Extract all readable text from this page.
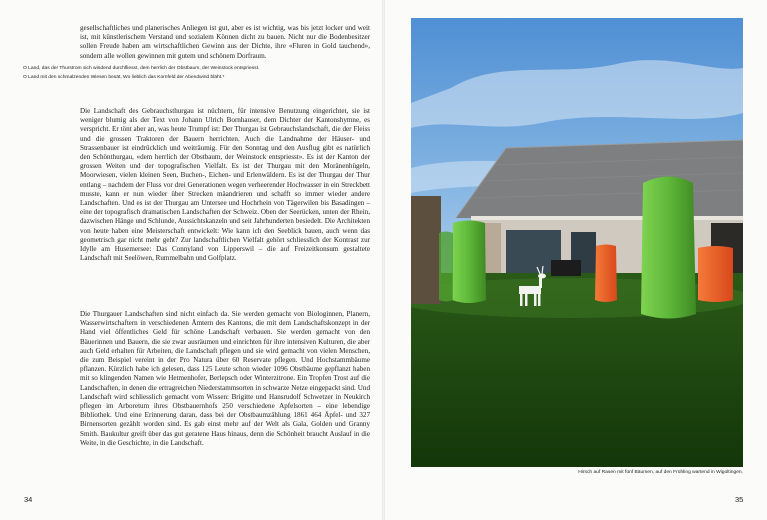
gesellschaftliches und planerisches Anliegen ist gut, aber es ist wichtig, was bis jetzt locker und weit ist, mit künstlerischem Verstand und sozialem Können dicht zu bauen. Nicht nur die Bodenbesitzer sollen Freude haben am wirtschaftlichen Gewinn aus der Dichte, ihre «Fluren in Gold tauchend», sondern alle wollen gewinnen mit gutem und schönem Dorfraum.

O Land, das der Thurstrom sich windend durchfliesst, dem herrlich der Obstbaum, der Weinstock entspriesst.
O Land mit den schmalzenden Wiesen besät, Wo lieblich das Kornfeld der Abendwind bläht.*

Die Landschaft des Gebrauchsthurgau ist nüchtern, für intensive Benutzung eingerichtet, sie ist weniger blumig als der Text von Johann Ulrich Bornhauser, dem Dichter der Kantonshymne, es verspricht. Er tönt aber an, was heute Trumpf ist: Der Thurgau ist Gebrauchslandschaft, die der Fleiss und die grossen Traktoren der Bauern herrichten. Auch die Landnahme der Häuser- und Strassenbauer ist eindrücklich und weiträumig. Für den Sonntag und den Ausflug gibt es natürlich den Schönthurgau, «dem herrlich der Obstbaum, der Weinstock entspriesst». Es ist der Kanton der grossen Weiten und der topografischen Vielfalt. Es ist der Thurgau mit den Moränenhügeln, Moorwiesen, vielen kleinen Seen, Buchen-, Eichen- und Erlenwäldern. Es ist der Thurgau der Thur entlang – nachdem der Fluss vor drei Generationen wegen verheerender Hochwasser in ein Streckbett musste, kann er nun wieder über Strecken mäandrieren und schafft so immer wieder andere Landschaften. Und es ist der Thurgau am Untersee und Hochrhein von Tägerwilen bis Basadingen – eine der topografisch dramatischen Landschaften der Schweiz. Oben der Seerücken, unten der Rhein, dazwischen Hänge und Schlunde, Aussichtskanzeln und seit Jahrhunderten besiedelt. Die Architekten von heute haben eine Meisterschaft entwickelt: Wie kann ich den Seeblick bauen, auch wenn das geometrisch gar nicht mehr geht? Zur landschaftlichen Vielfalt gehört schliesslich der Kontrast zur Idylle am Husemersee: Das Connyland von Lipperswil – die auf Freizeitkonsum gestaltete Landschaft mit Seelöwen, Rummelbahn und Golfplatz.

Die Thurgauer Landschaften sind nicht einfach da. Sie werden gemacht von Biologinnen, Planern, Wasserwirtschaftern in verschiedenen Ämtern des Kantons, die mit dem Landschaftskonzept in der Hand viel öffentliches Geld für schöne Landschaft verbauen. Sie werden gemacht von den Bäuerinnen und Bauern, die sie zwar ausräumen und einrichten für ihre intensiven Kulturen, die aber auch Geld erhalten für Arbeiten, die Landschaft pflegen und sie wird gemacht von vielen Menschen, die zum Beispiel vereint in der Pro Natura über 60 Reservate pflegen. Und Hochstammbäume pflanzen. Kürzlich habe ich gelesen, dass 125 Leute schon wieder 1096 Obstbäume gepflanzt haben mit so klingenden Namen wie Hetmenhofer, Berlepsch oder Winterzitrone. Ein Tropfen Trost auf die Landschaften, in denen die ertragreichen Niederstammsorten in schwarze Netze eingepackt sind. Und Landschaft wird schliesslich gemacht vom Wissen: Brigitte und Hansrudolf Schwetzer in Neukirch pflegen im Arboretum ihres Obstbauernhofs 250 verschiedene Apfelsorten – eine lebendige Bibliothek. Und eine Erinnerung daran, dass bei der Obstbaumzählung 1861 464 Äpfel- und 327 Birnensorten gezählt worden sind. Es gab einst mehr auf der Welt als Gala, Golden und Granny Smith. Baukultur greift über das gut geratene Haus hinaus, denn die Schönheit braucht Auslauf in die Weite, in die Geschichte, in die Landschaft.

34
Hirsch auf Rasen mit fünf Bäumen, auf den Frühling wartend in Wigoltingen.
35
